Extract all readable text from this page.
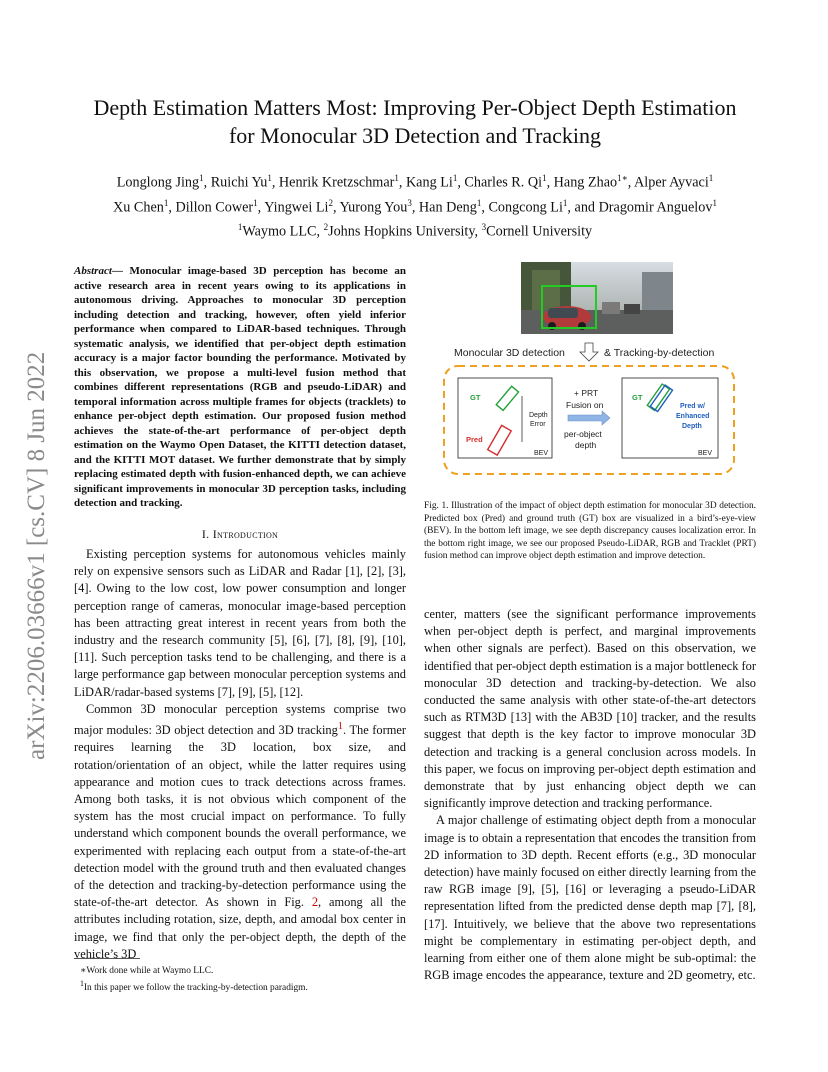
arXiv:2206.03666v1 [cs.CV] 8 Jun 2022
Depth Estimation Matters Most: Improving Per-Object Depth Estimation
for Monocular 3D Detection and Tracking
Longlong Jing$^1$, Ruichi Yu$^1$, Henrik Kretzschmar$^1$, Kang Li$^1$, Charles R. Qi$^1$, Hang Zhao$^{1∗}$, Alper Ayvaci$^1$
Xu Chen$^1$, Dillon Cower$^1$, Yingwei Li$^2$, Yurong You$^3$, Han Deng$^1$, Congcong Li$^1$, and Dragomir Anguelov$^1$
$^1$Waymo LLC, $^2$Johns Hopkins University, $^3$Cornell University
Abstract— Monocular image-based 3D perception has become an active research area in recent years owing to its applications in autonomous driving. Approaches to monocular 3D perception including detection and tracking, however, often yield inferior performance when compared to LiDAR-based techniques. Through systematic analysis, we identified that per-object depth estimation accuracy is a major factor bounding the performance. Motivated by this observation, we propose a multi-level fusion method that combines different representations (RGB and pseudo-LiDAR) and temporal information across multiple frames for objects (tracklets) to enhance per-object depth estimation. Our proposed fusion method achieves the state-of-the-art performance of per-object depth estimation on the Waymo Open Dataset, the KITTI detection dataset, and the KITTI MOT dataset. We further demonstrate that by simply replacing estimated depth with fusion-enhanced depth, we can achieve significant improvements in monocular 3D perception tasks, including detection and tracking.
I. Introduction

Existing perception systems for autonomous vehicles mainly rely on expensive sensors such as LiDAR and Radar [1], [2], [3], [4]. Owing to the low cost, low power consumption and longer perception range of cameras, monocular image-based perception has been attracting great interest in recent years from both the industry and the research community [5], [6], [7], [8], [9], [10], [11]. Such perception tasks tend to be challenging, and there is a large performance gap between monocular perception systems and LiDAR/radar-based systems [7], [9], [5], [12].

Common 3D monocular perception systems comprise two major modules: 3D object detection and 3D tracking$^1$. The former requires learning the 3D location, box size, and rotation/orientation of an object, while the latter requires using appearance and motion cues to track detections across frames. Among both tasks, it is not obvious which component of the system has the most crucial impact on performance. To fully understand which component bounds the overall performance, we experimented with replacing each output from a state-of-the-art detection model with the ground truth and then evaluated changes of the detection and tracking-by-detection performance using the state-of-the-art detector. As shown in Fig. 2, among all the attributes including rotation, size, depth, and amodal box center in image, we find that only the per-object depth, the depth of the vehicle’s 3D

∗Work done while at Waymo LLC.

$^1$In this paper we follow the tracking-by-detection paradigm.

Monocular 3D detection	& Tracking-by-detection
GT
Pred
Depth
Error
BEV
+ PRT
Fusion on
per-object
depth
GT
Pred w/
Enhanced
Depth
BEV
Fig. 1. Illustration of the impact of object depth estimation for monocular 3D detection. Predicted box (Pred) and ground truth (GT) box are visualized in a bird’s-eye-view (BEV). In the bottom left image, we see depth discrepancy causes localization error. In the bottom right image, we see our proposed Pseudo-LiDAR, RGB and Tracklet (PRT) fusion method can improve object depth estimation and improve detection.

center, matters (see the significant performance improvements when per-object depth is perfect, and marginal improvements when other signals are perfect). Based on this observation, we identified that per-object depth estimation is a major bottleneck for monocular 3D detection and tracking-by-detection. We also conducted the same analysis with other state-of-the-art detectors such as RTM3D [13] with the AB3D [10] tracker, and the results suggest that depth is the key factor to improve monocular 3D detection and tracking is a general conclusion across models. In this paper, we focus on improving per-object depth estimation and demonstrate that by just enhancing object depth we can significantly improve detection and tracking performance.

A major challenge of estimating object depth from a monocular image is to obtain a representation that encodes the transition from 2D information to 3D depth. Recent efforts (e.g., 3D monocular detection) have mainly focused on either directly learning from the raw RGB image [9], [5], [16] or leveraging a pseudo-LiDAR representation lifted from the predicted dense depth map [7], [8], [17]. Intuitively, we believe that the above two representations might be complementary in estimating per-object depth, and learning from either one of them alone might be sub-optimal: the RGB image encodes the appearance, texture and 2D geometry, etc.
